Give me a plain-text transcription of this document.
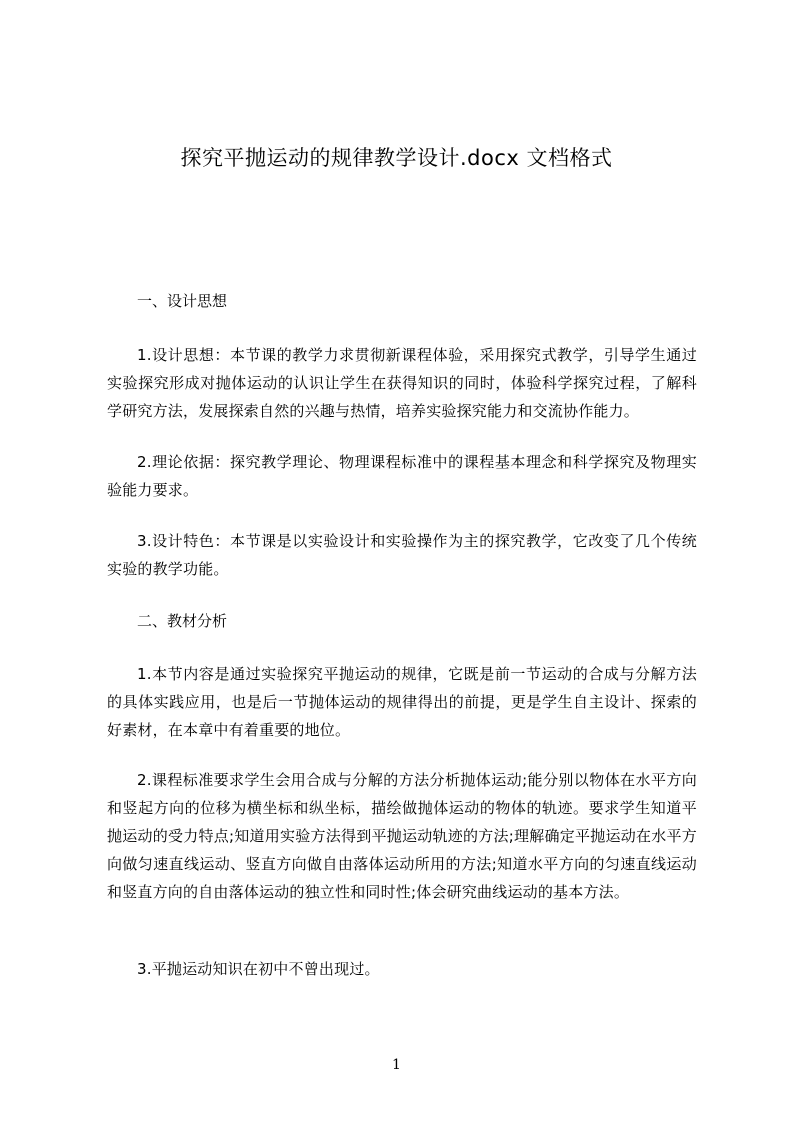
探究平抛运动的规律教学设计.docx 文档格式
一、设计思想
1.设计思想：本节课的教学力求贯彻新课程体验，采用探究式教学，引导学生通过实验探究形成对抛体运动的认识让学生在获得知识的同时，体验科学探究过程，了解科学研究方法，发展探索自然的兴趣与热情，培养实验探究能力和交流协作能力。
2.理论依据：探究教学理论、物理课程标准中的课程基本理念和科学探究及物理实验能力要求。
3.设计特色：本节课是以实验设计和实验操作为主的探究教学，它改变了几个传统实验的教学功能。
二、教材分析
1.本节内容是通过实验探究平抛运动的规律，它既是前一节运动的合成与分解方法的具体实践应用，也是后一节抛体运动的规律得出的前提，更是学生自主设计、探索的好素材，在本章中有着重要的地位。
2.课程标准要求学生会用合成与分解的方法分析抛体运动;能分别以物体在水平方向和竖起方向的位移为横坐标和纵坐标，描绘做抛体运动的物体的轨迹。要求学生知道平抛运动的受力特点;知道用实验方法得到平抛运动轨迹的方法;理解确定平抛运动在水平方向做匀速直线运动、竖直方向做自由落体运动所用的方法;知道水平方向的匀速直线运动和竖直方向的自由落体运动的独立性和同时性;体会研究曲线运动的基本方法。
3.平抛运动知识在初中不曾出现过。
1
